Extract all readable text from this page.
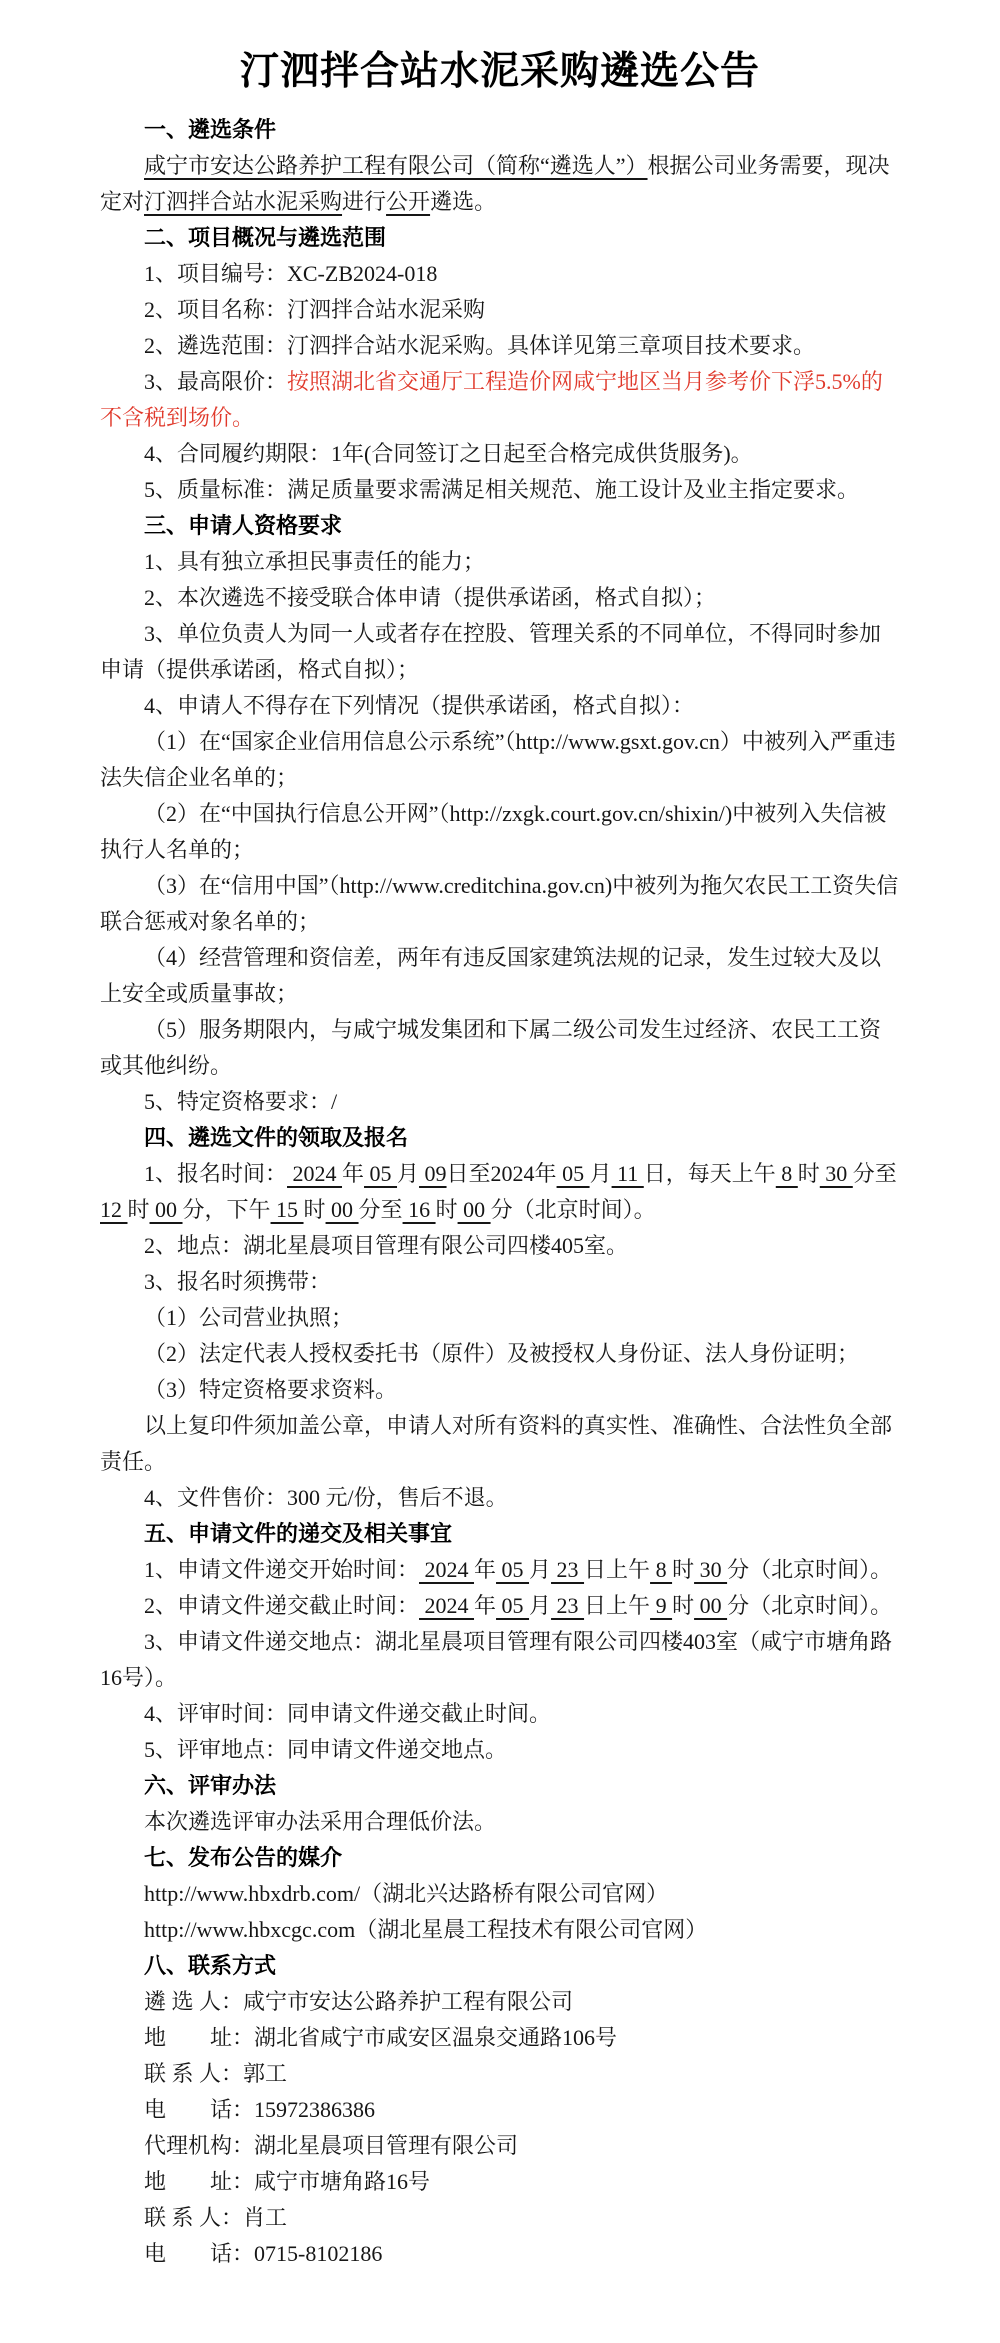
汀泗拌合站水泥采购遴选公告

一、遴选条件

咸宁市安达公路养护工程有限公司（简称“遴选人”）根据公司业务需要，现决定对汀泗拌合站水泥采购进行公开遴选。

二、项目概况与遴选范围

1、项目编号：XC-ZB2024-018

2、项目名称：汀泗拌合站水泥采购

2、遴选范围：汀泗拌合站水泥采购。具体详见第三章项目技术要求。

3、最高限价：按照湖北省交通厅工程造价网咸宁地区当月参考价下浮5.5%的不含税到场价。

4、合同履约期限：1年(合同签订之日起至合格完成供货服务)。

5、质量标准：满足质量要求需满足相关规范、施工设计及业主指定要求。

三、申请人资格要求

1、具有独立承担民事责任的能力；

2、本次遴选不接受联合体申请（提供承诺函，格式自拟）；

3、单位负责人为同一人或者存在控股、管理关系的不同单位，不得同时参加申请（提供承诺函，格式自拟）；

4、申请人不得存在下列情况（提供承诺函，格式自拟）：

（1）在“国家企业信用信息公示系统”（http://www.gsxt.gov.cn）中被列入严重违法失信企业名单的；

（2）在“中国执行信息公开网”（http://zxgk.court.gov.cn/shixin/)中被列入失信被执行人名单的；

（3）在“信用中国”（http://www.creditchina.gov.cn)中被列为拖欠农民工工资失信联合惩戒对象名单的；

（4）经营管理和资信差，两年有违反国家建筑法规的记录，发生过较大及以上安全或质量事故；

（5）服务期限内，与咸宁城发集团和下属二级公司发生过经济、农民工工资或其他纠纷。

5、特定资格要求：/

四、遴选文件的领取及报名

1、报名时间： 2024 年 05 月 09日至2024年 05 月 11 日，每天上午 8 时 30 分至 12 时 00 分，下午 15 时 00 分至 16 时 00 分（北京时间）。

2、地点：湖北星晨项目管理有限公司四楼405室。

3、报名时须携带：

（1）公司营业执照；

（2）法定代表人授权委托书（原件）及被授权人身份证、法人身份证明；

（3）特定资格要求资料。

以上复印件须加盖公章，申请人对所有资料的真实性、准确性、合法性负全部责任。

4、文件售价：300 元/份，售后不退。

五、申请文件的递交及相关事宜

1、申请文件递交开始时间： 2024 年 05 月 23 日上午 8 时 30 分（北京时间）。

2、申请文件递交截止时间： 2024 年 05 月 23 日上午 9 时 00 分（北京时间）。

3、申请文件递交地点：湖北星晨项目管理有限公司四楼403室（咸宁市塘角路16号）。

4、评审时间：同申请文件递交截止时间。

5、评审地点：同申请文件递交地点。

六、评审办法

本次遴选评审办法采用合理低价法。

七、发布公告的媒介

http://www.hbxdrb.com/（湖北兴达路桥有限公司官网）

http://www.hbxcgc.com（湖北星晨工程技术有限公司官网）

八、联系方式

遴 选 人：咸宁市安达公路养护工程有限公司

地　　址：湖北省咸宁市咸安区温泉交通路106号

联 系 人：郭工

电　　话：15972386386

代理机构：湖北星晨项目管理有限公司

地　　址：咸宁市塘角路16号

联 系 人：肖工

电　　话：0715-8102186
